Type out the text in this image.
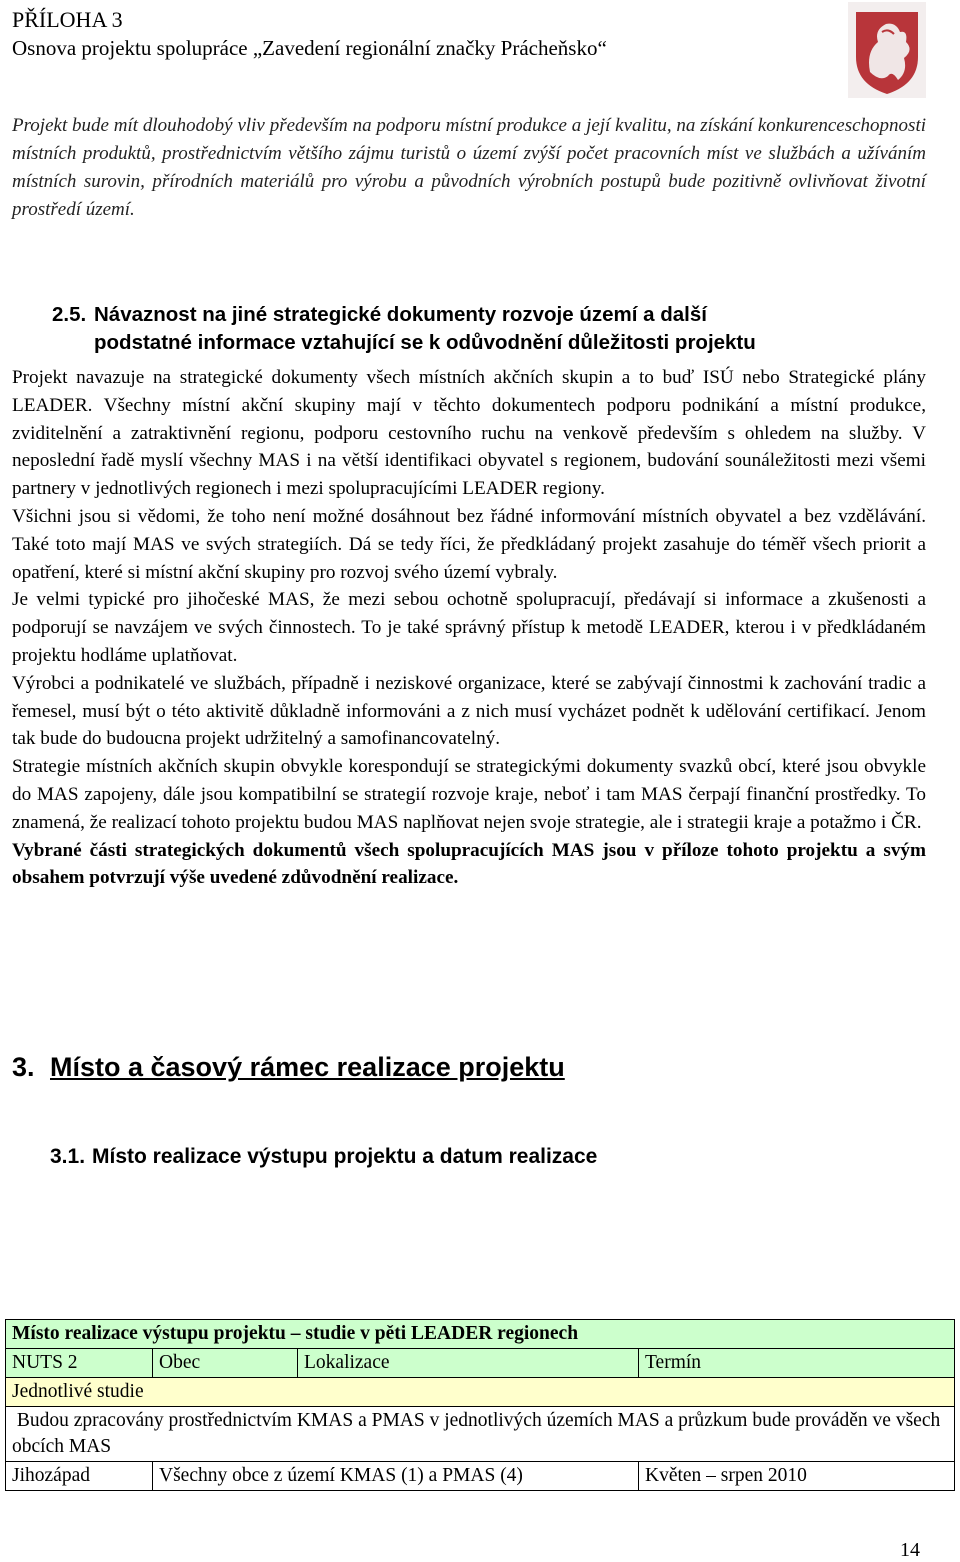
PŘÍLOHA 3
Osnova projektu spolupráce „Zavedení regionální značky Prácheňsko“
Projekt bude mít dlouhodobý vliv především na podporu místní produkce a její kvalitu, na získání konkurenceschopnosti místních produktů, prostřednictvím většího zájmu turistů o území zvýší počet pracovních míst ve službách a užíváním místních surovin, přírodních materiálů pro výrobu a původních výrobních postupů bude pozitivně ovlivňovat životní prostředí území.
2.5. Návaznost na jiné strategické dokumenty rozvoje území a další
podstatné informace vztahující se k odůvodnění důležitosti projektu

Projekt navazuje na strategické dokumenty všech místních akčních skupin a to buď ISÚ nebo Strategické plány LEADER. Všechny místní akční skupiny mají v těchto dokumentech podporu podnikání a místní produkce, zviditelnění a zatraktivnění regionu, podporu cestovního ruchu na venkově především s ohledem na služby. V neposlední řadě myslí všechny MAS i na větší identifikaci obyvatel s regionem, budování sounáležitosti mezi všemi partnery v jednotlivých regionech i mezi spolupracujícími LEADER regiony.

Všichni jsou si vědomi, že toho není možné dosáhnout bez řádné informování místních obyvatel a bez vzdělávání. Také toto mají MAS ve svých strategiích. Dá se tedy říci, že předkládaný projekt zasahuje do téměř všech priorit a opatření, které si místní akční skupiny pro rozvoj svého území vybraly.

Je velmi typické pro jihočeské MAS, že mezi sebou ochotně spolupracují, předávají si informace a zkušenosti a podporují se navzájem ve svých činnostech. To je také správný přístup k metodě LEADER, kterou i v předkládaném projektu hodláme uplatňovat.

Výrobci a podnikatelé ve službách, případně i neziskové organizace, které se zabývají činnostmi k zachování tradic a řemesel, musí být o této aktivitě důkladně informováni a z nich musí vycházet podnět k udělování certifikací. Jenom tak bude do budoucna projekt udržitelný a samofinancovatelný.

Strategie místních akčních skupin obvykle korespondují se strategickými dokumenty svazků obcí, které jsou obvykle do MAS zapojeny, dále jsou kompatibilní se strategií rozvoje kraje, neboť i tam MAS čerpají finanční prostředky. To znamená, že realizací tohoto projektu budou MAS naplňovat nejen svoje strategie, ale i strategii kraje a potažmo i ČR.

Vybrané části strategických dokumentů všech spolupracujících MAS jsou v příloze tohoto projektu a svým obsahem potvrzují výše uvedené zdůvodnění realizace.

3. Místo a časový rámec realizace projektu
3.1. Místo realizace výstupu projektu a datum realizace
Místo realizace výstupu projektu – studie v pěti LEADER regionech			
NUTS 2	Obec	Lokalizace	Termín
Jednotlivé studie			
Budou zpracovány prostřednictvím KMAS a PMAS v jednotlivých územích MAS a průzkum bude prováděn ve všech obcích MAS			
Jihozápad	Všechny obce z území KMAS (1) a PMAS (4)		Květen – srpen 2010
14
